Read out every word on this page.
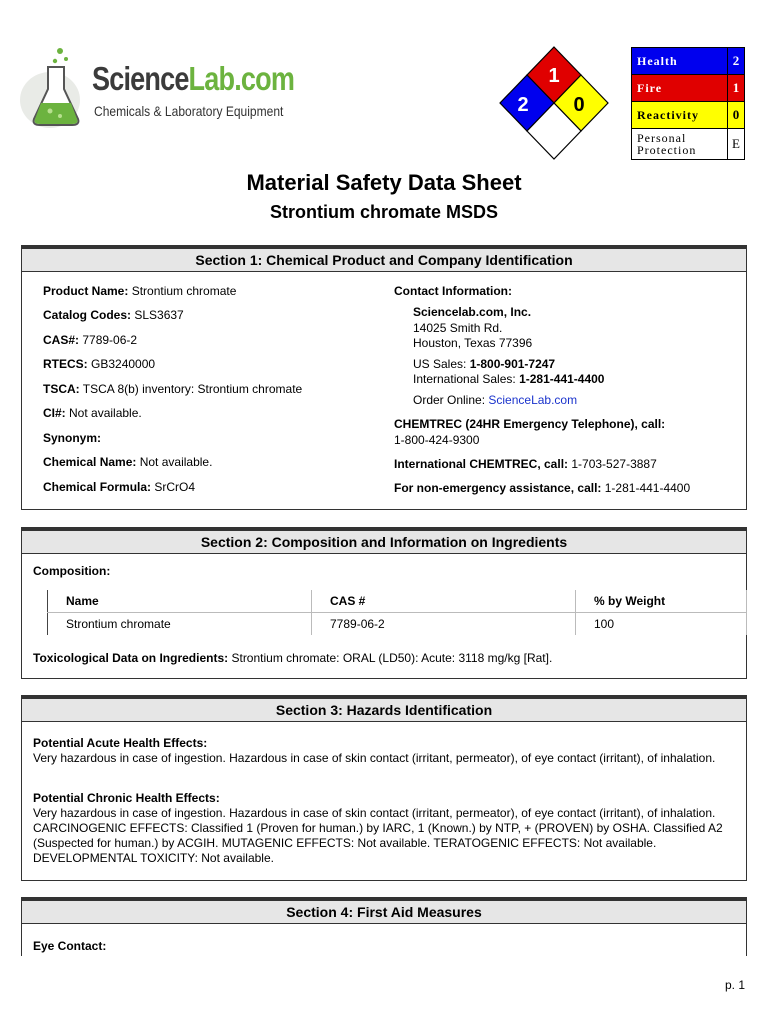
ScienceLab.com
Chemicals & Laboratory Equipment
1
2 0
Health	2
Fire	1
Reactivity	0
Personal
Protection	E
Material Safety Data Sheet
Strontium chromate MSDS
Section 1: Chemical Product and Company Identification
Product Name: Strontium chromate
Catalog Codes: SLS3637
CAS#: 7789-06-2
RTECS: GB3240000
TSCA: TSCA 8(b) inventory: Strontium chromate
CI#: Not available.
Synonym:
Chemical Name: Not available.
Chemical Formula: SrCrO4
Contact Information:
Sciencelab.com, Inc.
14025 Smith Rd.
Houston, Texas 77396
US Sales: 1-800-901-7247
International Sales: 1-281-441-4400
Order Online: ScienceLab.com
CHEMTREC (24HR Emergency Telephone), call:
1-800-424-9300
International CHEMTREC, call: 1-703-527-3887
For non-emergency assistance, call: 1-281-441-4400
Section 2: Composition and Information on Ingredients
Composition:
Name	CAS #	% by Weight
Strontium chromate	7789-06-2	100
Toxicological Data on Ingredients: Strontium chromate: ORAL (LD50): Acute: 3118 mg/kg [Rat].
Section 3: Hazards Identification
Potential Acute Health Effects:
Very hazardous in case of ingestion. Hazardous in case of skin contact (irritant, permeator), of eye contact (irritant), of inhalation.
Potential Chronic Health Effects:
Very hazardous in case of ingestion. Hazardous in case of skin contact (irritant, permeator), of eye contact (irritant), of inhalation. CARCINOGENIC EFFECTS: Classified 1 (Proven for human.) by IARC, 1 (Known.) by NTP, + (PROVEN) by OSHA. Classified A2 (Suspected for human.) by ACGIH. MUTAGENIC EFFECTS: Not available. TERATOGENIC EFFECTS: Not available. DEVELOPMENTAL TOXICITY: Not available.
Section 4: First Aid Measures
Eye Contact:
p. 1
